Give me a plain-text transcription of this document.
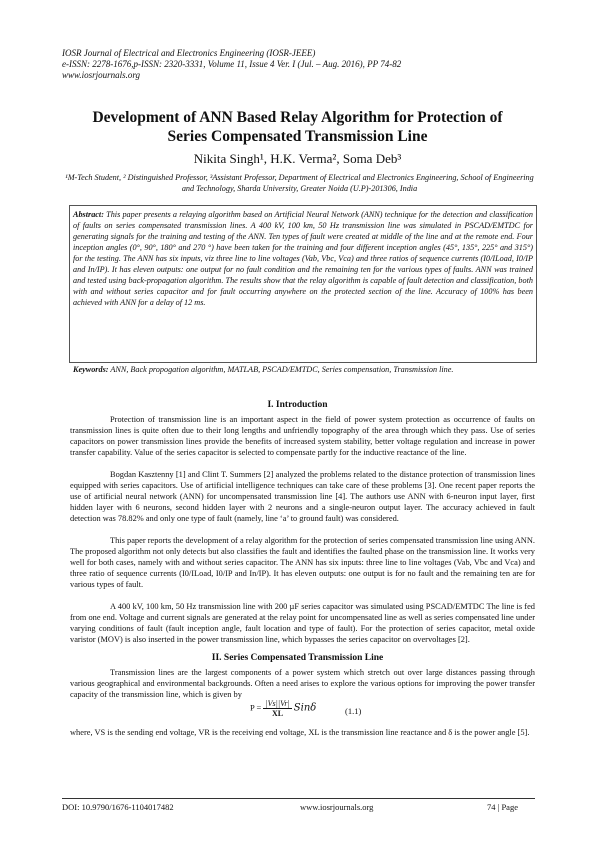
IOSR Journal of Electrical and Electronics Engineering (IOSR-JEEE)
e-ISSN: 2278-1676,p-ISSN: 2320-3331, Volume 11, Issue 4 Ver. I (Jul. – Aug. 2016), PP 74-82
www.iosrjournals.org
Development of ANN Based Relay Algorithm for Protection of
Series Compensated Transmission Line
Nikita Singh¹, H.K. Verma², Soma Deb³
¹M-Tech Student, ² Distinguished Professor, ³Assistant Professor, Department of Electrical and Electronics Engineering, School of Engineering and Technology, Sharda University, Greater Noida (U.P)-201306, India
Abstract: This paper presents a relaying algorithm based on Artificial Neural Network (ANN) technique for the detection and classification of faults on series compensated transmission lines. A 400 kV, 100 km, 50 Hz transmission line was simulated in PSCAD/EMTDC for generating signals for the training and testing of the ANN. Ten types of fault were created at middle of the line and at the remote end. Four inception angles (0°, 90°, 180° and 270 °) have been taken for the training and four different inception angles (45°, 135°, 225° and 315°) for the testing. The ANN has six inputs, viz three line to line voltages (Vab, Vbc, Vca) and three ratios of sequence currents (I0/ILoad, I0/IP and In/IP). It has eleven outputs: one output for no fault condition and the remaining ten for the various types of faults. ANN was trained and tested using back-propagation algorithm. The results show that the relay algorithm is capable of fault detection and classification, both with and without series capacitor and for fault occurring anywhere on the protected section of the line. Accuracy of 100% has been achieved with ANN for a delay of 12 ms.
Keywords: ANN, Back propogation algorithm, MATLAB, PSCAD/EMTDC, Series compensation, Transmission line.
I. Introduction
Protection of transmission line is an important aspect in the field of power system protection as occurrence of faults on transmission lines is quite often due to their long lengths and unfriendly topography of the area through which they pass. Use of series capacitors on power transmission lines provide the benefits of increased system stability, better voltage regulation and increase in power transfer capability. Value of the series capacitor is selected to compensate partly for the inductive reactance of the line.
Bogdan Kasztenny [1] and Clint T. Summers [2] analyzed the problems related to the distance protection of transmission lines equipped with series capacitors. Use of artificial intelligence techniques can take care of these problems [3]. One recent paper reports the use of artificial neural network (ANN) for uncompensated transmission line [4]. The authors use ANN with 6-neuron input layer, first hidden layer with 6 neurons, second hidden layer with 2 neurons and a single-neuron output layer. The accuracy achieved in fault detection was 78.82% and only one type of fault (namely, line ‘a’ to ground fault) was considered.
This paper reports the development of a relay algorithm for the protection of series compensated transmission line using ANN. The proposed algorithm not only detects but also classifies the fault and identifies the faulted phase on the transmission line. It works very well for both cases, namely with and without series capacitor. The ANN has six inputs: three line to line voltages (Vab, Vbc and Vca) and three ratio of sequence currents (I0/ILoad, I0/IP and In/IP). It has eleven outputs: one output is for no fault and the remaining ten are for various types of fault.
A 400 kV, 100 km, 50 Hz transmission line with 200 µF series capacitor was simulated using PSCAD/EMTDC The line is fed from one end. Voltage and current signals are generated at the relay point for uncompensated line as well as series compensated line under varying conditions of fault (fault inception angle, fault location and type of fault). For the protection of series capacitor, metal oxide varistor (MOV) is also inserted in the power transmission line, which bypasses the series capacitor on overvoltages [2].
II. Series Compensated Transmission Line
Transmission lines are the largest components of a power system which stretch out over large distances passing through various geographical and environmental backgrounds. Often a need arises to explore the various options for improving the power transfer capacity of the transmission line, which is given by
$P = \frac{|Vs||Vr|}{XL}$ Sinδ	(1.1)
where, VS is the sending end voltage, VR is the receiving end voltage, XL is the transmission line reactance and δ is the power angle [5].
DOI: 10.9790/1676-1104017482	www.iosrjournals.org	74 | Page
